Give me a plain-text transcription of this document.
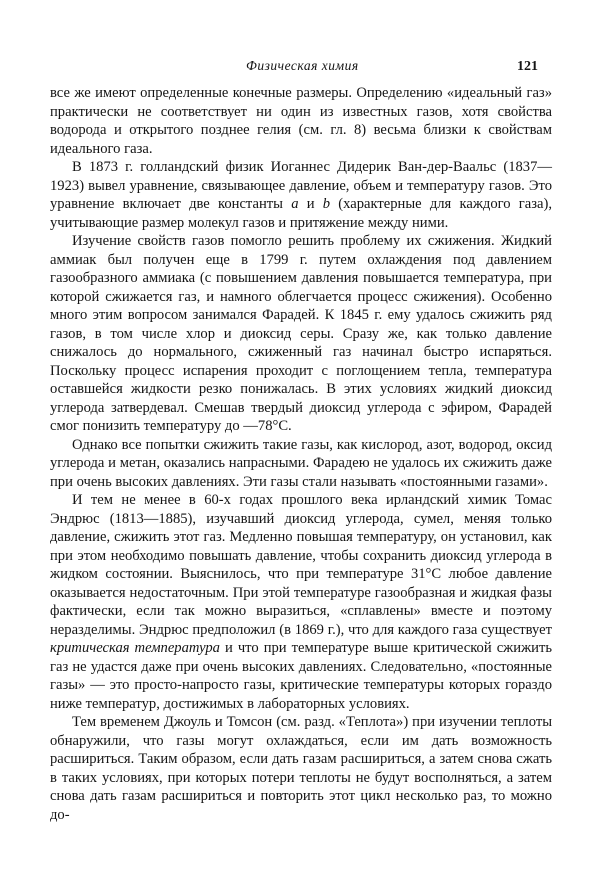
Физическая химия	121

все же имеют определенные конечные размеры. Определению «идеальный газ» практически не соответствует ни один из известных газов, хотя свойства водорода и открытого позднее гелия (см. гл. 8) весьма близки к свойствам идеального газа.

В 1873 г. голландский физик Иоганнес Дидерик Ван-дер-Ваальс (1837—1923) вывел уравнение, связывающее давление, объем и температуру газов. Это уравнение включает две константы a и b (характерные для каждого газа), учитывающие размер молекул газов и притяжение между ними.

Изучение свойств газов помогло решить проблему их сжижения. Жидкий аммиак был получен еще в 1799 г. путем охлаждения под давлением газообразного аммиака (с повышением давления повышается температура, при которой сжижается газ, и намного облегчается процесс сжижения). Особенно много этим вопросом занимался Фарадей. К 1845 г. ему удалось сжижить ряд газов, в том числе хлор и диоксид серы. Сразу же, как только давление снижалось до нормального, сжиженный газ начинал быстро испаряться. Поскольку процесс испарения проходит с поглощением тепла, температура оставшейся жидкости резко понижалась. В этих условиях жидкий диоксид углерода затвердевал. Смешав твердый диоксид углерода с эфиром, Фарадей смог понизить температуру до —78°С.

Однако все попытки сжижить такие газы, как кислород, азот, водород, оксид углерода и метан, оказались напрасными. Фарадею не удалось их сжижить даже при очень высоких давлениях. Эти газы стали называть «постоянными газами».

И тем не менее в 60-х годах прошлого века ирландский химик Томас Эндрюс (1813—1885), изучавший диоксид углерода, сумел, меняя только давление, сжижить этот газ. Медленно повышая температуру, он установил, как при этом необходимо повышать давление, чтобы сохранить диоксид углерода в жидком состоянии. Выяснилось, что при температуре 31°С любое давление оказывается недостаточным. При этой температуре газообразная и жидкая фазы фактически, если так можно выразиться, «сплавлены» вместе и поэтому неразделимы. Эндрюс предположил (в 1869 г.), что для каждого газа существует критическая температура и что при температуре выше критической сжижить газ не удастся даже при очень высоких давлениях. Следовательно, «постоянные газы» — это просто-напросто газы, критические температуры которых гораздо ниже температур, достижимых в лабораторных условиях.

Тем временем Джоуль и Томсон (см. разд. «Теплота») при изучении теплоты обнаружили, что газы могут охлаждаться, если им дать возможность расшириться. Таким образом, если дать газам расшириться, а затем снова сжать в таких условиях, при которых потери теплоты не будут восполняться, а затем снова дать газам расшириться и повторить этот цикл несколько раз, то можно до-
